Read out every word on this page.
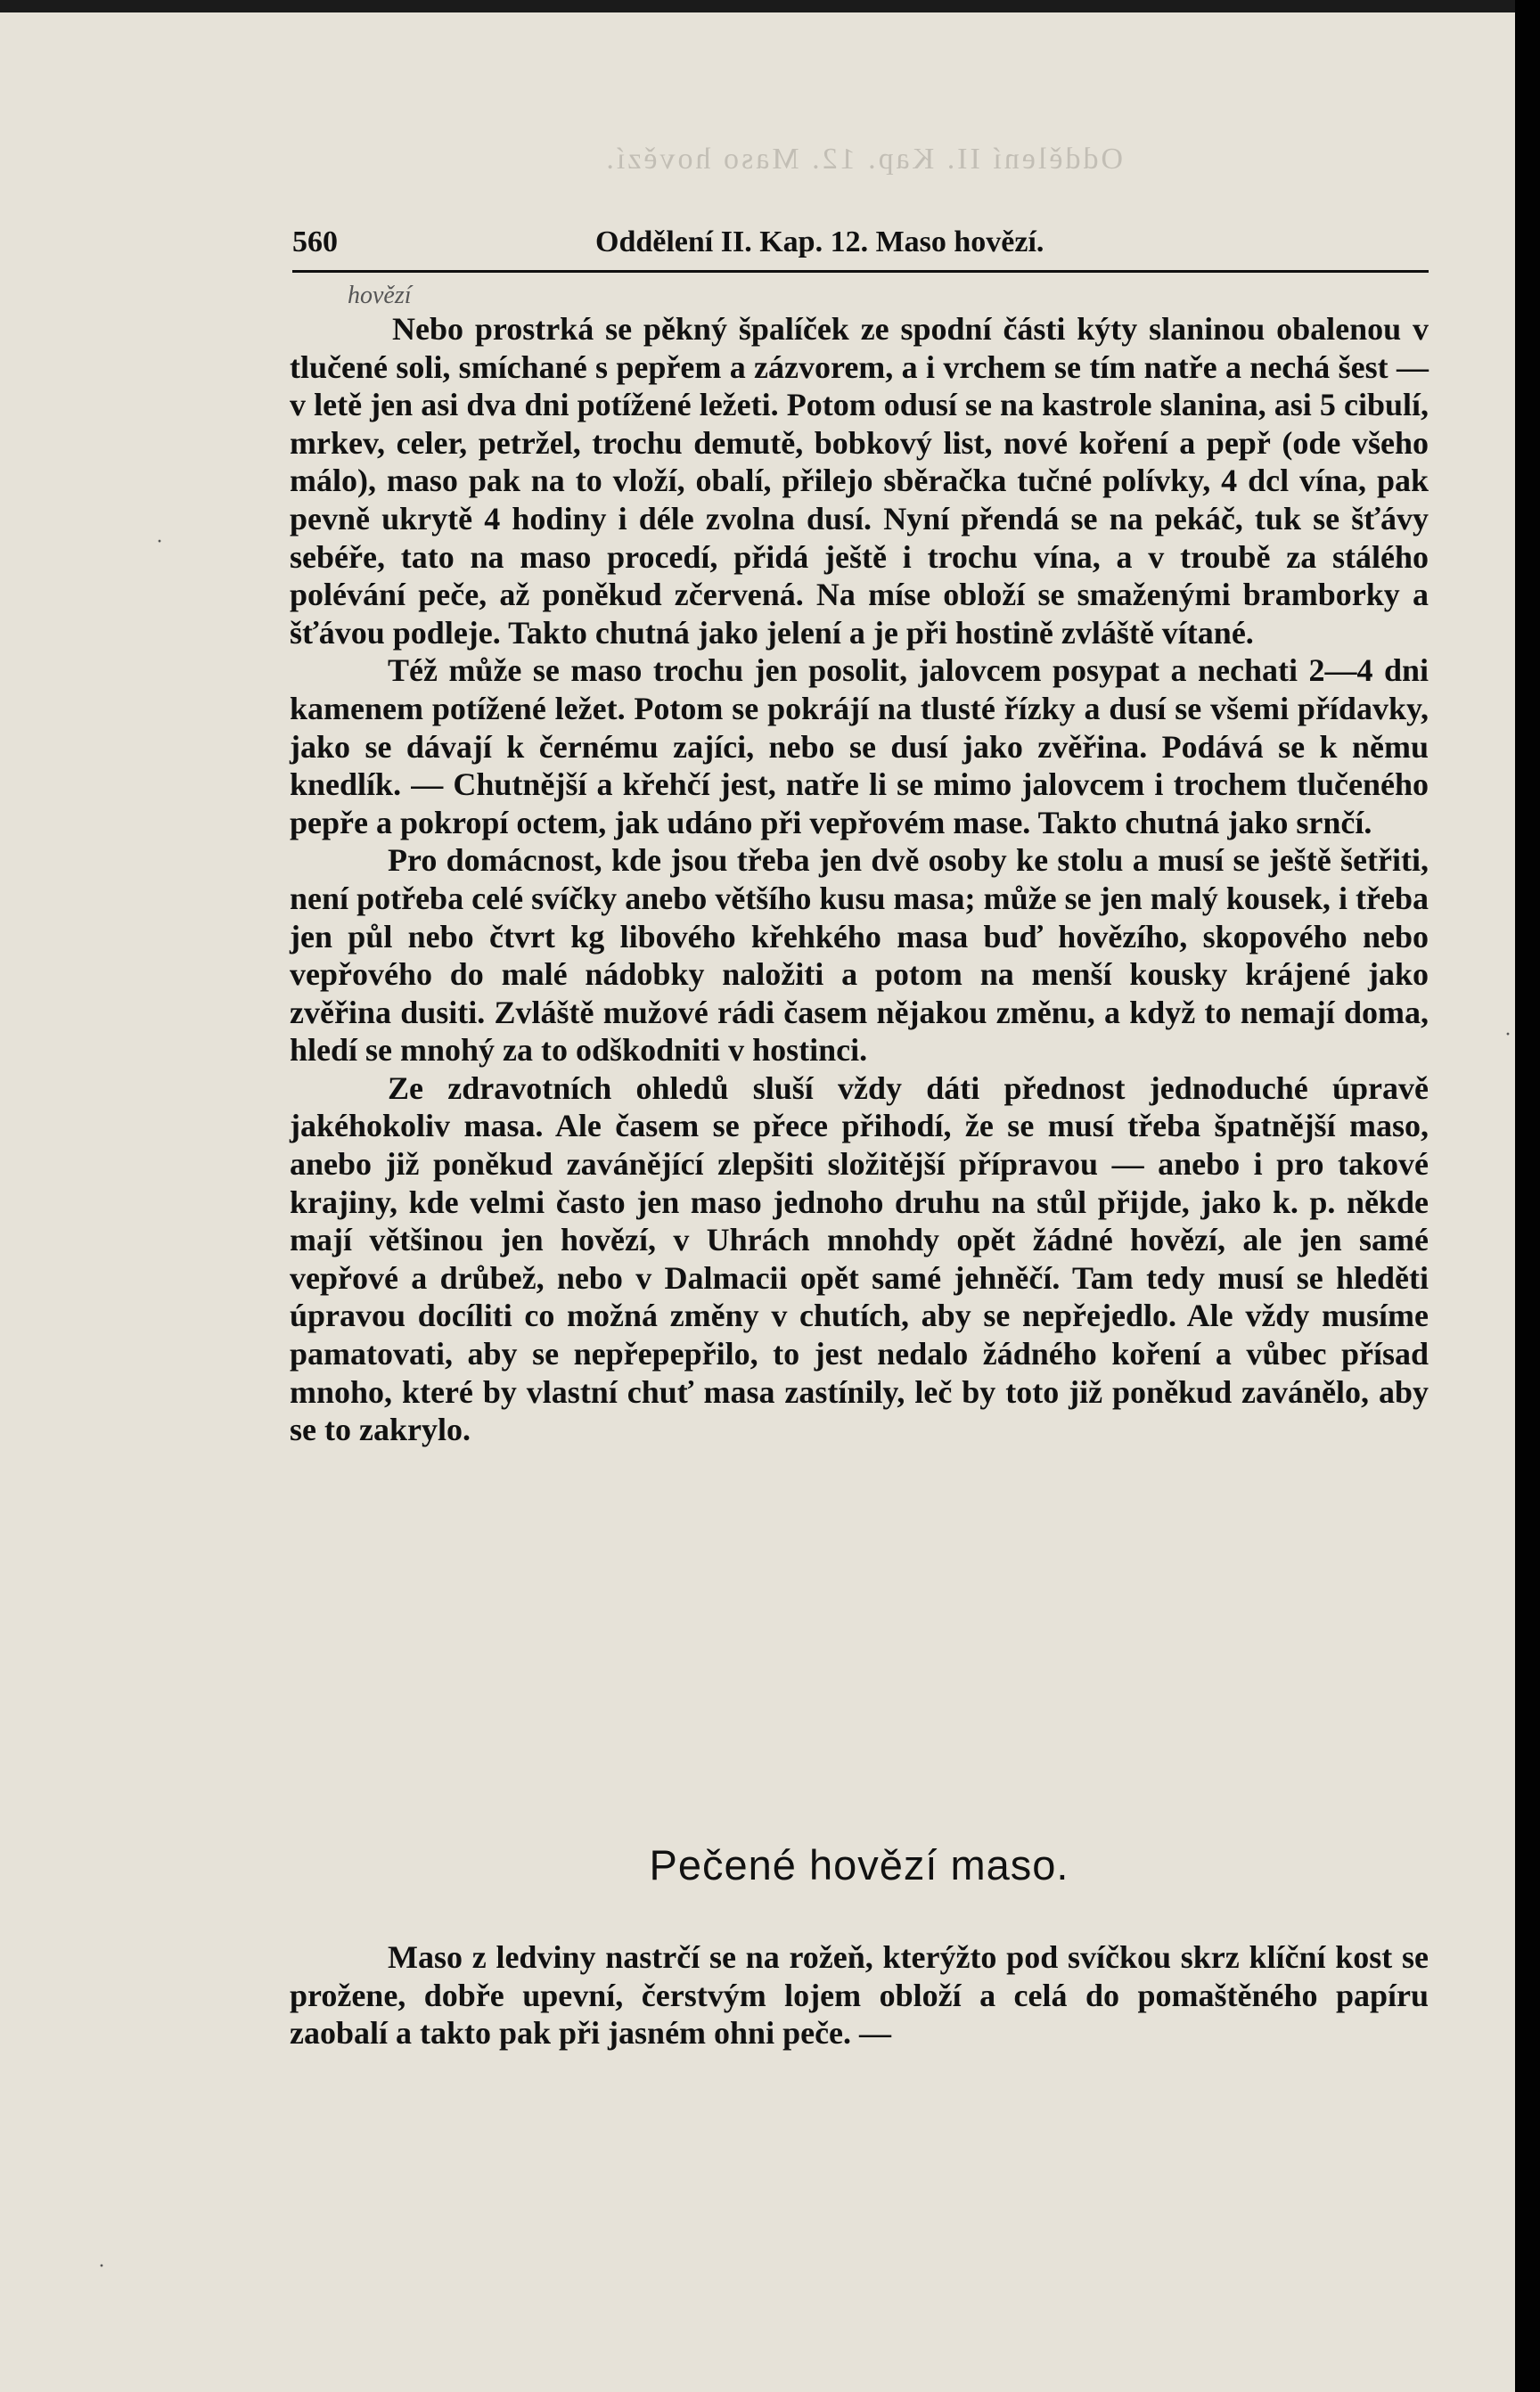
Oddělení II. Kap. 12. Maso hovězí.
560	Oddělení II. Kap. 12. Maso hovězí.
hovězí

Nebo prostrká se pěkný špalíček ze spodní části kýty slaninou obalenou v tlučené soli, smíchané s pepřem a zázvorem, a i vrchem se tím natře a nechá šest — v letě jen asi dva dni potížené ležeti. Potom odusí se na kastrole slanina, asi 5 cibulí, mrkev, celer, petržel, trochu demutě, bobkový list, nové koření a pepř (ode všeho málo), maso pak na to vloží, obalí, přilejo sběračka tučné polívky, 4 dcl vína, pak pevně ukrytě 4 hodiny i déle zvolna dusí. Nyní přendá se na pekáč, tuk se šťávy sebéře, tato na maso procedí, přidá ještě i trochu vína, a v troubě za stálého polévání peče, až poněkud zčervená. Na míse obloží se smaženými bramborky a šťávou podleje. Takto chutná jako jelení a je při hostině zvláště vítané.

Též může se maso trochu jen posolit, jalovcem posypat a nechati 2—4 dni kamenem potížené ležet. Potom se pokrájí na tlusté řízky a dusí se všemi přídavky, jako se dávají k černému zajíci, nebo se dusí jako zvěřina. Podává se k němu knedlík. — Chutnější a křehčí jest, natře li se mimo jalovcem i trochem tlučeného pepře a pokropí octem, jak udáno při vepřovém mase. Takto chutná jako srnčí.

Pro domácnost, kde jsou třeba jen dvě osoby ke stolu a musí se ještě šetřiti, není potřeba celé svíčky anebo většího kusu masa; může se jen malý kousek, i třeba jen půl nebo čtvrt kg libového křehkého masa buď hovězího, skopového nebo vepřového do malé nádobky naložiti a potom na menší kousky krájené jako zvěřina dusiti. Zvláště mužové rádi časem nějakou změnu, a když to nemají doma, hledí se mnohý za to odškodniti v hostinci.

Ze zdravotních ohledů sluší vždy dáti přednost jednoduché úpravě jakéhokoliv masa. Ale časem se přece přihodí, že se musí třeba špatnější maso, anebo již poněkud zavánějící zlepšiti složitější přípravou — anebo i pro takové krajiny, kde velmi často jen maso jednoho druhu na stůl přijde, jako k. p. někde mají většinou jen hovězí, v Uhrách mnohdy opět žádné hovězí, ale jen samé vepřové a drůbež, nebo v Dalmacii opět samé jehněčí. Tam tedy musí se hleděti úpravou docíliti co možná změny v chutích, aby se nepřejedlo. Ale vždy musíme pamatovati, aby se nepřepepřilo, to jest nedalo žádného koření a vůbec přísad mnoho, které by vlastní chuť masa zastínily, leč by toto již poněkud zavánělo, aby se to zakrylo.

Pečené hovězí maso.

Maso z ledviny nastrčí se na rožeň, kterýžto pod svíčkou skrz klíční kost se prožene, dobře upevní, čerstvým lojem obloží a celá do pomaštěného papíru zaobalí a takto pak při jasném ohni peče. —

·
·
·
